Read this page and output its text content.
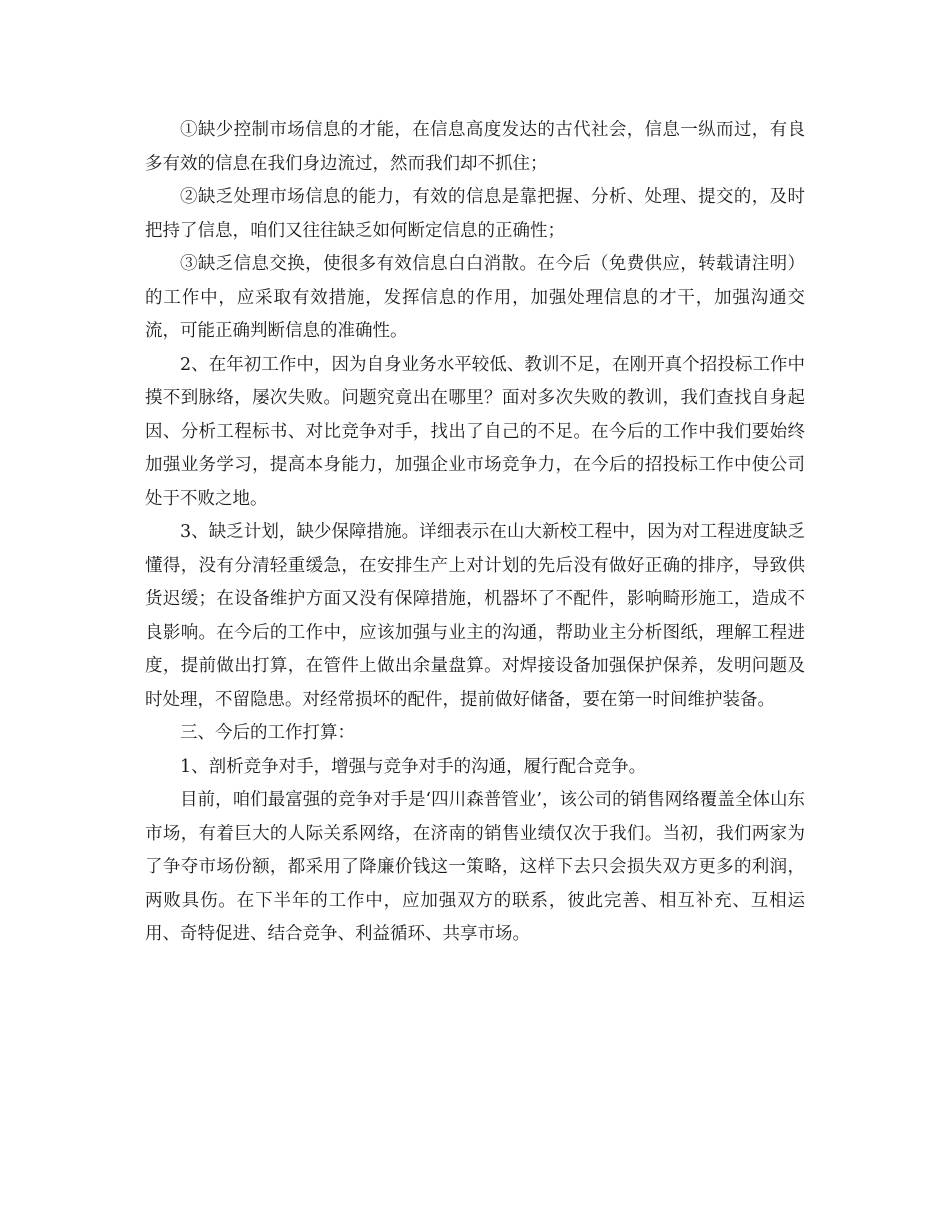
①缺少控制市场信息的才能，在信息高度发达的古代社会，信息一纵而过，有良多有效的信息在我们身边流过，然而我们却不抓住；

②缺乏处理市场信息的能力，有效的信息是靠把握、分析、处理、提交的，及时把持了信息，咱们又往往缺乏如何断定信息的正确性；

③缺乏信息交换，使很多有效信息白白消散。在今后（免费供应，转载请注明）的工作中，应采取有效措施，发挥信息的作用，加强处理信息的才干，加强沟通交流，可能正确判断信息的准确性。

2、在年初工作中，因为自身业务水平较低、教训不足，在刚开真个招投标工作中摸不到脉络，屡次失败。问题究竟出在哪里？面对多次失败的教训，我们查找自身起因、分析工程标书、对比竞争对手，找出了自己的不足。在今后的工作中我们要始终加强业务学习，提高本身能力，加强企业市场竞争力，在今后的招投标工作中使公司处于不败之地。

3、缺乏计划，缺少保障措施。详细表示在山大新校工程中，因为对工程进度缺乏懂得，没有分清轻重缓急，在安排生产上对计划的先后没有做好正确的排序，导致供货迟缓；在设备维护方面又没有保障措施，机器坏了不配件，影响畸形施工，造成不良影响。在今后的工作中，应该加强与业主的沟通，帮助业主分析图纸，理解工程进度，提前做出打算，在管件上做出余量盘算。对焊接设备加强保护保养，发明问题及时处理，不留隐患。对经常损坏的配件，提前做好储备，要在第一时间维护装备。

三、今后的工作打算：

1、剖析竞争对手，增强与竞争对手的沟通，履行配合竞争。

目前，咱们最富强的竞争对手是‘四川森普管业’，该公司的销售网络覆盖全体山东市场，有着巨大的人际关系网络，在济南的销售业绩仅次于我们。当初，我们两家为了争夺市场份额，都采用了降廉价钱这一策略，这样下去只会损失双方更多的利润，两败具伤。在下半年的工作中，应加强双方的联系，彼此完善、相互补充、互相运用、奇特促进、结合竞争、利益循环、共享市场。
